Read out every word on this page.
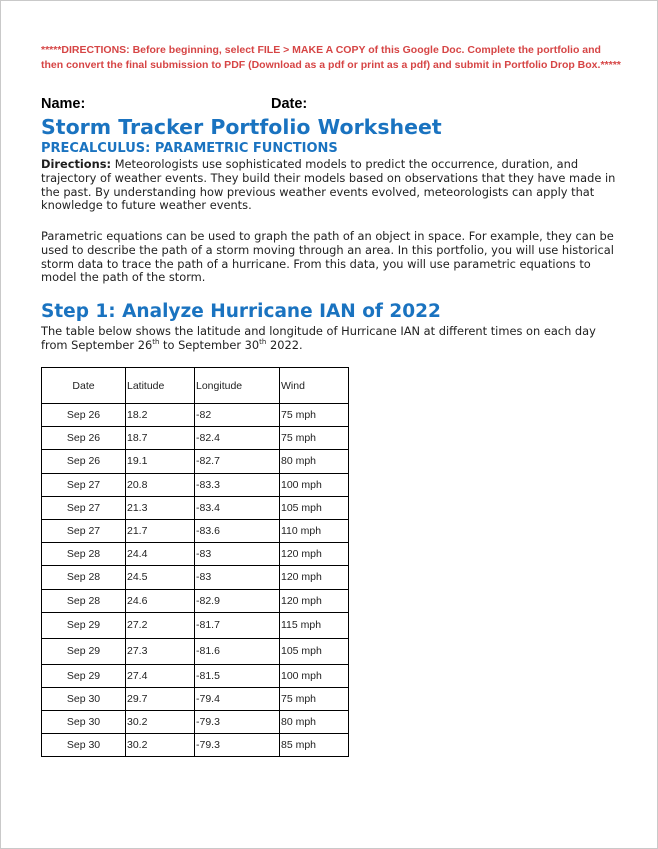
*****DIRECTIONS: Before beginning, select FILE > MAKE A COPY of this Google Doc. Complete the portfolio and then convert the final submission to PDF (Download as a pdf or print as a pdf) and submit in Portfolio Drop Box.*****
Name:	Date:
Storm Tracker Portfolio Worksheet
PRECALCULUS: PARAMETRIC FUNCTIONS
Directions: Meteorologists use sophisticated models to predict the occurrence, duration, and trajectory of weather events. They build their models based on observations that they have made in the past. By understanding how previous weather events evolved, meteorologists can apply that knowledge to future weather events.
Parametric equations can be used to graph the path of an object in space. For example, they can be used to describe the path of a storm moving through an area. In this portfolio, you will use historical storm data to trace the path of a hurricane. From this data, you will use parametric equations to model the path of the storm.
Step 1: Analyze Hurricane IAN of 2022
The table below shows the latitude and longitude of Hurricane IAN at different times on each day from September 26th to September 30th 2022.
Date	Latitude	Longitude	Wind
Sep 26	18.2	-82	75 mph
Sep 26	18.7	-82.4	75 mph
Sep 26	19.1	-82.7	80 mph
Sep 27	20.8	-83.3	100 mph
Sep 27	21.3	-83.4	105 mph
Sep 27	21.7	-83.6	110 mph
Sep 28	24.4	-83	120 mph
Sep 28	24.5	-83	120 mph
Sep 28	24.6	-82.9	120 mph
Sep 29	27.2	-81.7	115 mph
Sep 29	27.3	-81.6	105 mph
Sep 29	27.4	-81.5	100 mph
Sep 30	29.7	-79.4	75 mph
Sep 30	30.2	-79.3	80 mph
Sep 30	30.2	-79.3	85 mph
